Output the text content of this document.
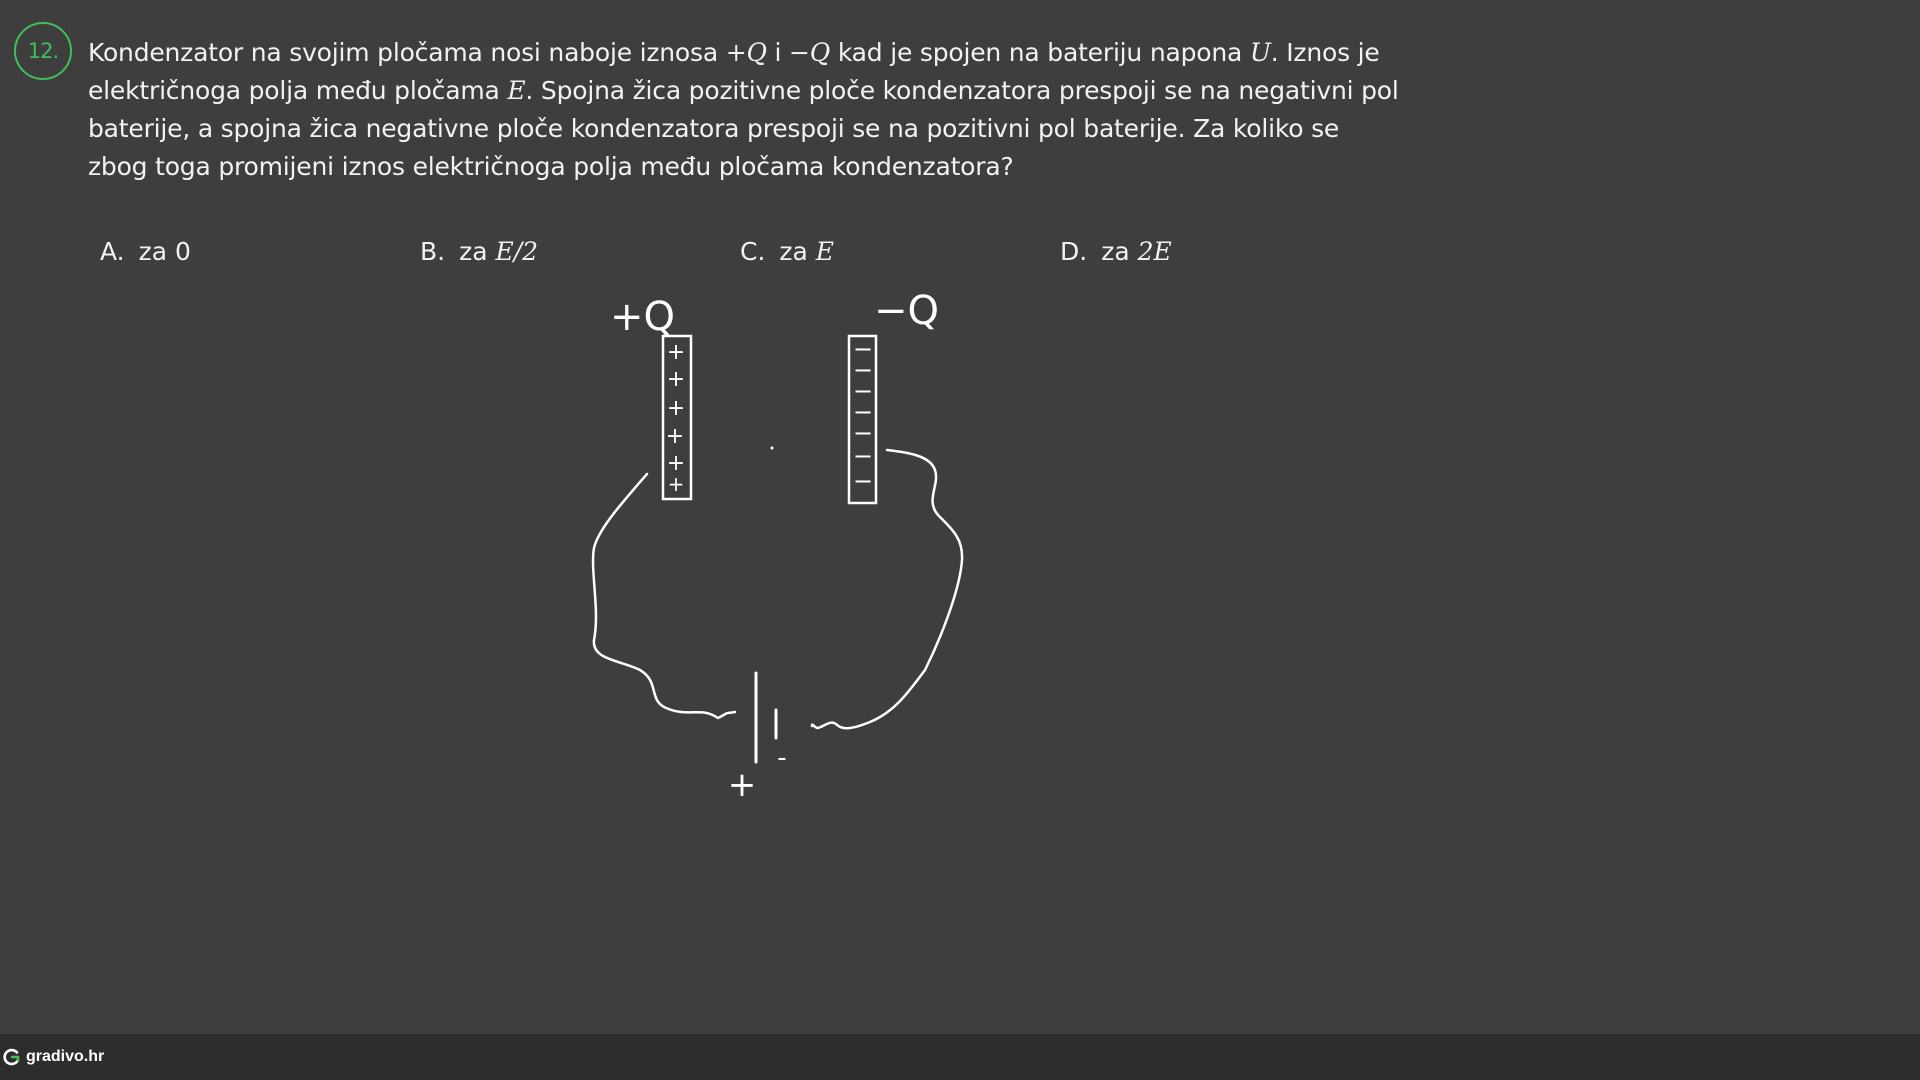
12. Kondenzator na svojim pločama nosi naboje iznosa +Q i −Q kad je spojen na bateriju napona U. Iznos je
električnoga polja među pločama E. Spojna žica pozitivne ploče kondenzatora prespoji se na negativni pol
baterije, a spojna žica negativne ploče kondenzatora prespoji se na pozitivni pol baterije. Za koliko se
zbog toga promijeni iznos električnoga polja među pločama kondenzatora?
A. za 0	B. za E/2	C. za E	D. za 2E
+Q	−Q
+
+
+
+
+
+
−
−
−
−
−
−
−
+
-
gradivo.hr
